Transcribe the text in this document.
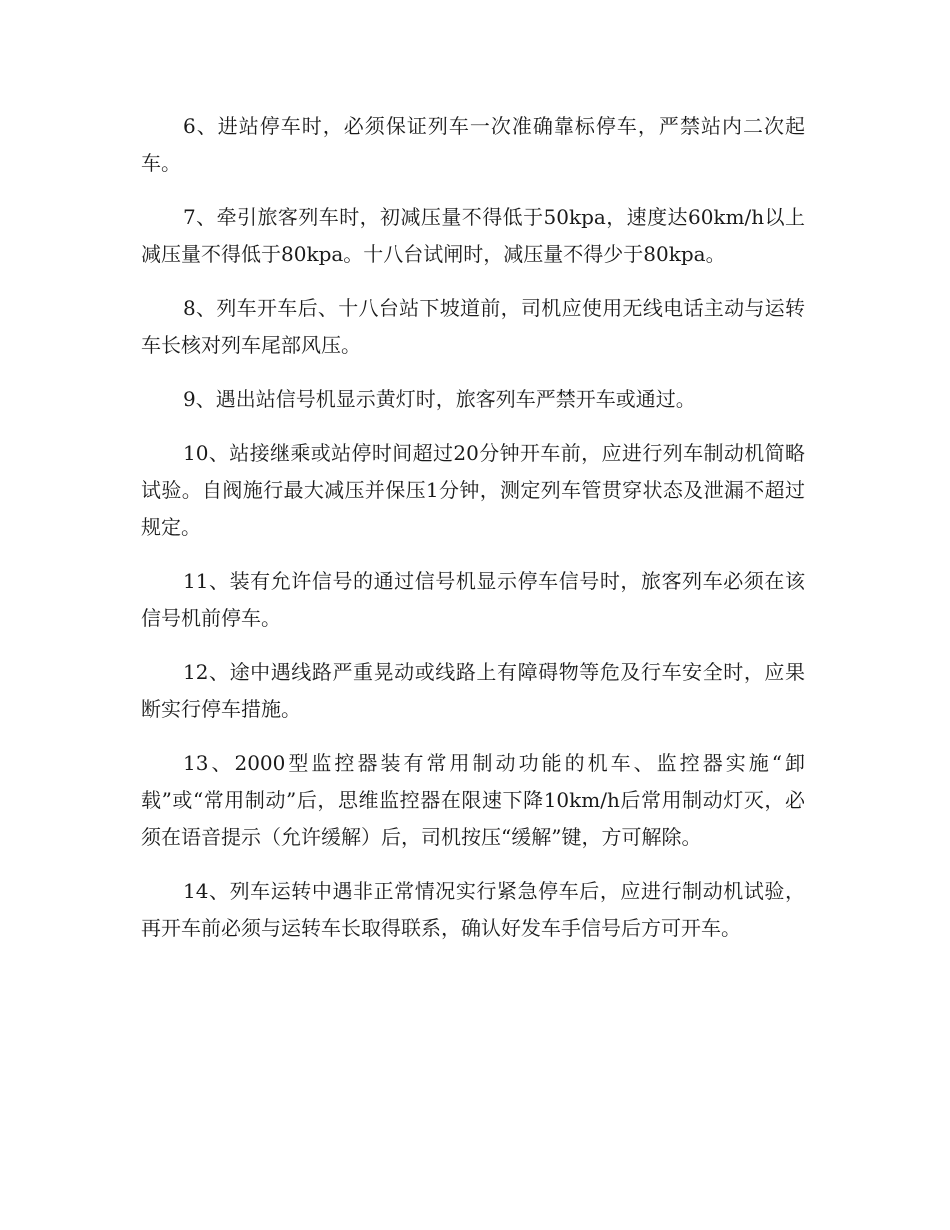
6、进站停车时，必须保证列车一次准确靠标停车，严禁站内二次起车。

7、牵引旅客列车时，初减压量不得低于50kpa，速度达60km/h以上减压量不得低于80kpa。十八台试闸时，减压量不得少于80kpa。

8、列车开车后、十八台站下坡道前，司机应使用无线电话主动与运转车长核对列车尾部风压。

9、遇出站信号机显示黄灯时，旅客列车严禁开车或通过。

10、站接继乘或站停时间超过20分钟开车前，应进行列车制动机简略试验。自阀施行最大减压并保压1分钟，测定列车管贯穿状态及泄漏不超过规定。

11、装有允许信号的通过信号机显示停车信号时，旅客列车必须在该信号机前停车。

12、途中遇线路严重晃动或线路上有障碍物等危及行车安全时，应果断实行停车措施。

13、2000型监控器装有常用制动功能的机车、监控器实施“卸载”或“常用制动”后，思维监控器在限速下降10km/h后常用制动灯灭，必须在语音提示（允许缓解）后，司机按压“缓解”键，方可解除。

14、列车运转中遇非正常情况实行紧急停车后，应进行制动机试验，再开车前必须与运转车长取得联系，确认好发车手信号后方可开车。
